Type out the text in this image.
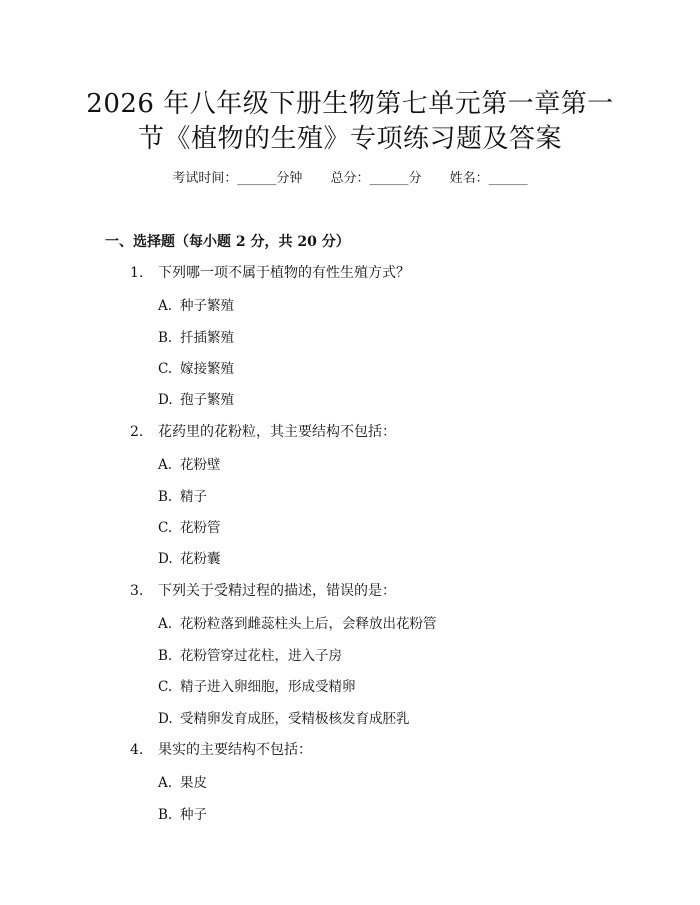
2026 年八年级下册生物第七单元第一章第一
节《植物的生殖》专项练习题及答案
考试时间：______分钟 总分：______分 姓名：______
一、选择题（每小题 2 分，共 20 分）
1. 下列哪一项不属于植物的有性生殖方式？
A. 种子繁殖
B. 扦插繁殖
C. 嫁接繁殖
D. 孢子繁殖
2. 花药里的花粉粒，其主要结构不包括：
A. 花粉壁
B. 精子
C. 花粉管
D. 花粉囊
3. 下列关于受精过程的描述，错误的是：
A. 花粉粒落到雌蕊柱头上后，会释放出花粉管
B. 花粉管穿过花柱，进入子房
C. 精子进入卵细胞，形成受精卵
D. 受精卵发育成胚，受精极核发育成胚乳
4. 果实的主要结构不包括：
A. 果皮
B. 种子
